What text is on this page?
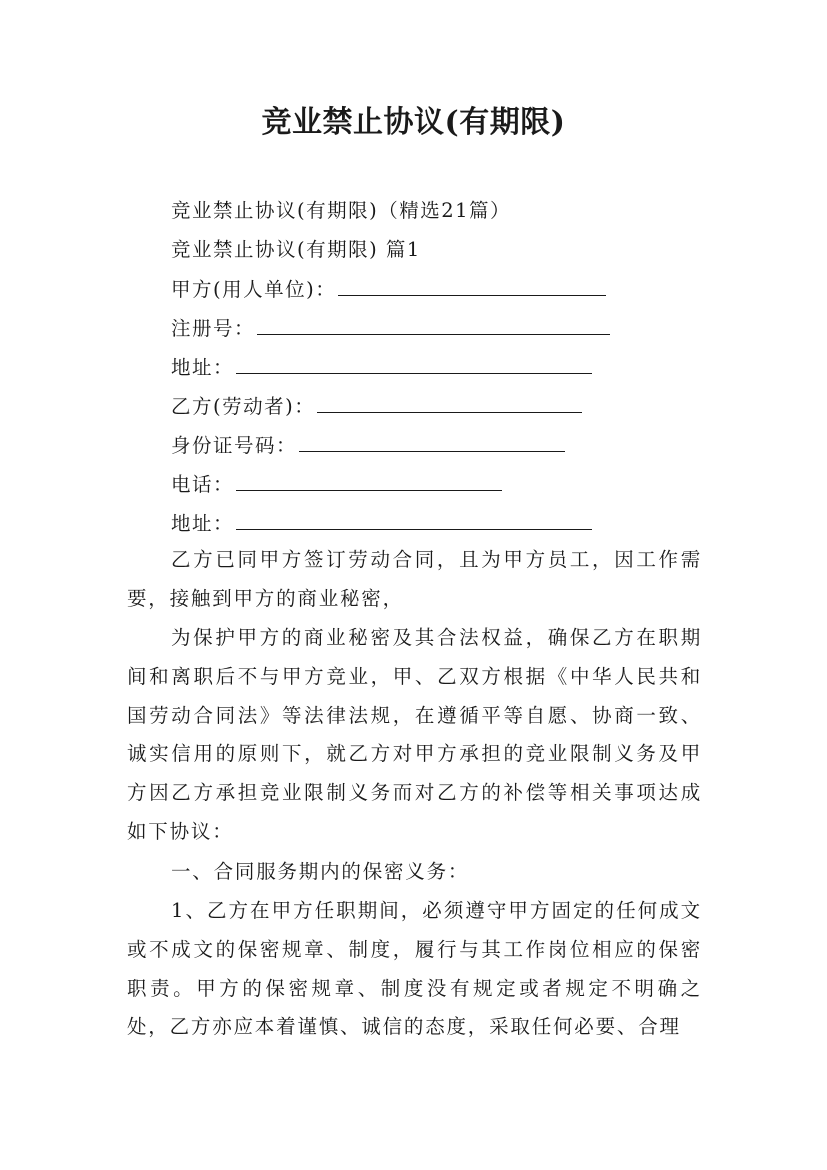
竞业禁止协议(有期限)
竞业禁止协议(有期限)（精选21篇）
竞业禁止协议(有期限) 篇1
甲方(用人单位)：
注册号：
地址：
乙方(劳动者)：
身份证号码：
电话：
地址：

乙方已同甲方签订劳动合同，且为甲方员工，因工作需要，接触到甲方的商业秘密，

为保护甲方的商业秘密及其合法权益，确保乙方在职期间和离职后不与甲方竞业，甲、乙双方根据《中华人民共和国劳动合同法》等法律法规，在遵循平等自愿、协商一致、诚实信用的原则下，就乙方对甲方承担的竞业限制义务及甲方因乙方承担竞业限制义务而对乙方的补偿等相关事项达成如下协议：

一、合同服务期内的保密义务：

1、乙方在甲方任职期间，必须遵守甲方固定的任何成文或不成文的保密规章、制度，履行与其工作岗位相应的保密职责。甲方的保密规章、制度没有规定或者规定不明确之处，乙方亦应本着谨慎、诚信的态度，采取任何必要、合理
